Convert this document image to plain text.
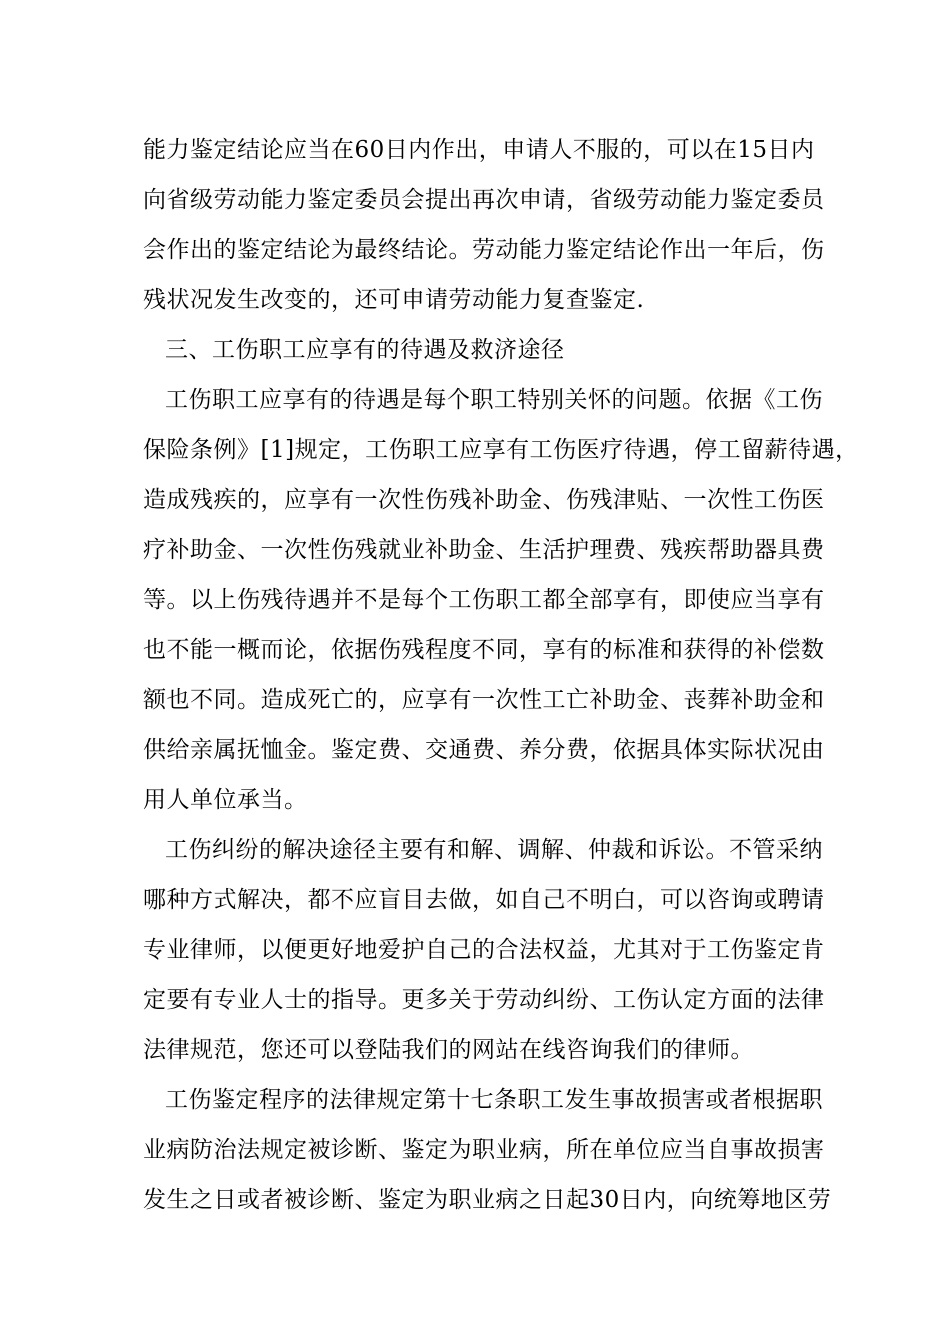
能力鉴定结论应当在60日内作出，申请人不服的，可以在15日内
向省级劳动能力鉴定委员会提出再次申请，省级劳动能力鉴定委员
会作出的鉴定结论为最终结论。劳动能力鉴定结论作出一年后，伤
残状况发生改变的，还可申请劳动能力复查鉴定.
三、工伤职工应享有的待遇及救济途径
工伤职工应享有的待遇是每个职工特别关怀的问题。依据《工伤
保险条例》[1]规定，工伤职工应享有工伤医疗待遇，停工留薪待遇，
造成残疾的，应享有一次性伤残补助金、伤残津贴、一次性工伤医
疗补助金、一次性伤残就业补助金、生活护理费、残疾帮助器具费
等。以上伤残待遇并不是每个工伤职工都全部享有，即使应当享有
也不能一概而论，依据伤残程度不同，享有的标准和获得的补偿数
额也不同。造成死亡的，应享有一次性工亡补助金、丧葬补助金和
供给亲属抚恤金。鉴定费、交通费、养分费，依据具体实际状况由
用人单位承当。
工伤纠纷的解决途径主要有和解、调解、仲裁和诉讼。不管采纳
哪种方式解决，都不应盲目去做，如自己不明白，可以咨询或聘请
专业律师，以便更好地爱护自己的合法权益，尤其对于工伤鉴定肯
定要有专业人士的指导。更多关于劳动纠纷、工伤认定方面的法律
法律规范，您还可以登陆我们的网站在线咨询我们的律师。
工伤鉴定程序的法律规定第十七条职工发生事故损害或者根据职
业病防治法规定被诊断、鉴定为职业病，所在单位应当自事故损害
发生之日或者被诊断、鉴定为职业病之日起30日内，向统筹地区劳
